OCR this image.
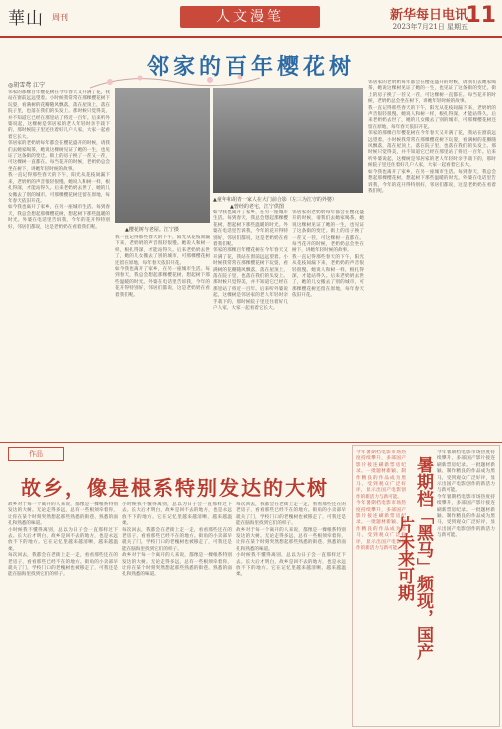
華山 周刊	人文漫笔	新华每日电讯
2023年7月21日 星期五
11
邻家的百年樱花树
◎胡雪鸢 江宁

邻家的那棵百年樱花树在今年春天又开满了花，我站在窗前远远望着。小时候我常常在那棵樱花树下玩耍，看满树的花瓣随风飘落，落在屋顶上，落在院子里，也落在我们的头发上。那时候只觉得美，并不知道它已经在那里站了将近一百年。后来听外婆说起，这棵树是邻居家的老人年轻时亲手栽下的，那时候院子里还住着好几户人家，大家一起看着它长大。

邻居家的老奶奶每年都会在樱花盛开的时候，请我们去她家喝茶，她说这棵树见证了她的一生，也见证了这条街的变迁。街上的房子换了一茬又一茬，可这棵树一直都在。每当花开的时候，老奶奶总会坐在树下，讲她年轻时候的故事。

我一直记得那些春天的下午，阳光从花枝间漏下来，老奶奶的声音很轻很慢。她说人和树一样，根扎得深，才能站得久。后来老奶奶去世了，她的儿女搬去了别的城市，可那棵樱花树还留在原地，每年春天依旧开花。

如今我也离开了家乡，在另一座城市生活。每到春天，我总会想起那棵樱花树，想起树下那些温暖的时光。外婆在电话里告诉我，今年的花开得特别好，邻居们都说，这是老奶奶在看着我们呢。	▲樱花树与老屋。江宁摄
▲童年和胡青一家人在大门前合影（左三为江守的外婆）
▲曾经的老宅，江宁供图

邻居家的老奶奶每年都会在樱花盛开的时候，请我们去她家喝茶，她说这棵树见证了她的一生，也见证了这条街的变迁。街上的房子换了一茬又一茬，可这棵树一直都在。每当花开的时候，老奶奶总会坐在树下，讲她年轻时候的故事。

我一直记得那些春天的下午，阳光从花枝间漏下来，老奶奶的声音很轻很慢。她说人和树一样，根扎得深，才能站得久。后来老奶奶去世了，她的儿女搬去了别的城市，可那棵樱花树还留在原地，每年春天依旧开花。

邻家的那棵百年樱花树在今年春天又开满了花，我站在窗前远远望着。小时候我常常在那棵樱花树下玩耍，看满树的花瓣随风飘落，落在屋顶上，落在院子里，也落在我们的头发上。那时候只觉得美，并不知道它已经在那里站了将近一百年。后来听外婆说起，这棵树是邻居家的老人年轻时亲手栽下的，那时候院子里还住着好几户人家，大家一起看着它长大。

如今我也离开了家乡，在另一座城市生活。每到春天，我总会想起那棵樱花树，想起树下那些温暖的时光。外婆在电话里告诉我，今年的花开得特别好，邻居们都说，这是老奶奶在看着我们呢。

我一直记得那些春天的下午，阳光从花枝间漏下来，老奶奶的声音很轻很慢。她说人和树一样，根扎得深，才能站得久。后来老奶奶去世了，她的儿女搬去了别的城市，可那棵樱花树还留在原地，每年春天依旧开花。

如今我也离开了家乡，在另一座城市生活。每到春天，我总会想起那棵樱花树，想起树下那些温暖的时光。外婆在电话里告诉我，今年的花开得特别好，邻居们都说，这是老奶奶在看着我们呢。

如今我也离开了家乡，在另一座城市生活。每到春天，我总会想起那棵樱花树，想起树下那些温暖的时光。外婆在电话里告诉我，今年的花开得特别好，邻居们都说，这是老奶奶在看着我们呢。

邻家的那棵百年樱花树在今年春天又开满了花，我站在窗前远远望着。小时候我常常在那棵樱花树下玩耍，看满树的花瓣随风飘落，落在屋顶上，落在院子里，也落在我们的头发上。那时候只觉得美，并不知道它已经在那里站了将近一百年。后来听外婆说起，这棵树是邻居家的老人年轻时亲手栽下的，那时候院子里还住着好几户人家，大家一起看着它长大。

邻居家的老奶奶每年都会在樱花盛开的时候，请我们去她家喝茶，她说这棵树见证了她的一生，也见证了这条街的变迁。街上的房子换了一茬又一茬，可这棵树一直都在。每当花开的时候，老奶奶总会坐在树下，讲她年轻时候的故事。

我一直记得那些春天的下午，阳光从花枝间漏下来，老奶奶的声音很轻很慢。她说人和树一样，根扎得深，才能站得久。后来老奶奶去世了，她的儿女搬去了别的城市，可那棵樱花树还留在原地，每年春天依旧开花。

作品
故乡，像是根系特别发达的大树

故乡对于每一个离开的人来说，都像是一棵根系特别发达的大树。无论走得多远，总有一些根须牵着你，让你在某个时刻突然想起那些熟悉的街巷、熟悉的面孔和熟悉的味道。

小时候我不懂得离别，总以为日子会一直那样过下去。长大后才明白，故乡是回不去的地方，也是永远放不下的地方。它在记忆里越来越清晰，越来越温柔。

每次回去，我都会在老街上走一走，看看那些还在的老房子，看看那些已经不在的地方。街角的小卖部早就关了门，学校门口的老槐树也被移走了，可我还是能在脑海里找到它们的样子。

小时候我不懂得离别，总以为日子会一直那样过下去。长大后才明白，故乡是回不去的地方，也是永远放不下的地方。它在记忆里越来越清晰，越来越温柔。

每次回去，我都会在老街上走一走，看看那些还在的老房子，看看那些已经不在的地方。街角的小卖部早就关了门，学校门口的老槐树也被移走了，可我还是能在脑海里找到它们的样子。

故乡对于每一个离开的人来说，都像是一棵根系特别发达的大树。无论走得多远，总有一些根须牵着你，让你在某个时刻突然想起那些熟悉的街巷、熟悉的面孔和熟悉的味道。

每次回去，我都会在老街上走一走，看看那些还在的老房子，看看那些已经不在的地方。街角的小卖部早就关了门，学校门口的老槐树也被移走了，可我还是能在脑海里找到它们的样子。

故乡对于每一个离开的人来说，都像是一棵根系特别发达的大树。无论走得多远，总有一些根须牵着你，让你在某个时刻突然想起那些熟悉的街巷、熟悉的面孔和熟悉的味道。

小时候我不懂得离别，总以为日子会一直那样过下去。长大后才明白，故乡是回不去的地方，也是永远放不下的地方。它在记忆里越来越清晰，越来越温柔。

今年暑期档电影市场热度持续攀升，多部国产影片接连刷新票房纪录。一批题材新颖、制作精良的作品成为黑马，受到观众广泛好评，显示出国产电影创作的新活力与新可能。

今年暑期档电影市场热度持续攀升，多部国产影片接连刷新票房纪录。一批题材新颖、制作精良的作品成为黑马，受到观众广泛好评，显示出国产电影创作的新活力与新可能。 暑期档「黑马」频现，国产片未来可期

今年暑期档电影市场热度持续攀升，多部国产影片接连刷新票房纪录。一批题材新颖、制作精良的作品成为黑马，受到观众广泛好评，显示出国产电影创作的新活力与新可能。

今年暑期档电影市场热度持续攀升，多部国产影片接连刷新票房纪录。一批题材新颖、制作精良的作品成为黑马，受到观众广泛好评，显示出国产电影创作的新活力与新可能。
